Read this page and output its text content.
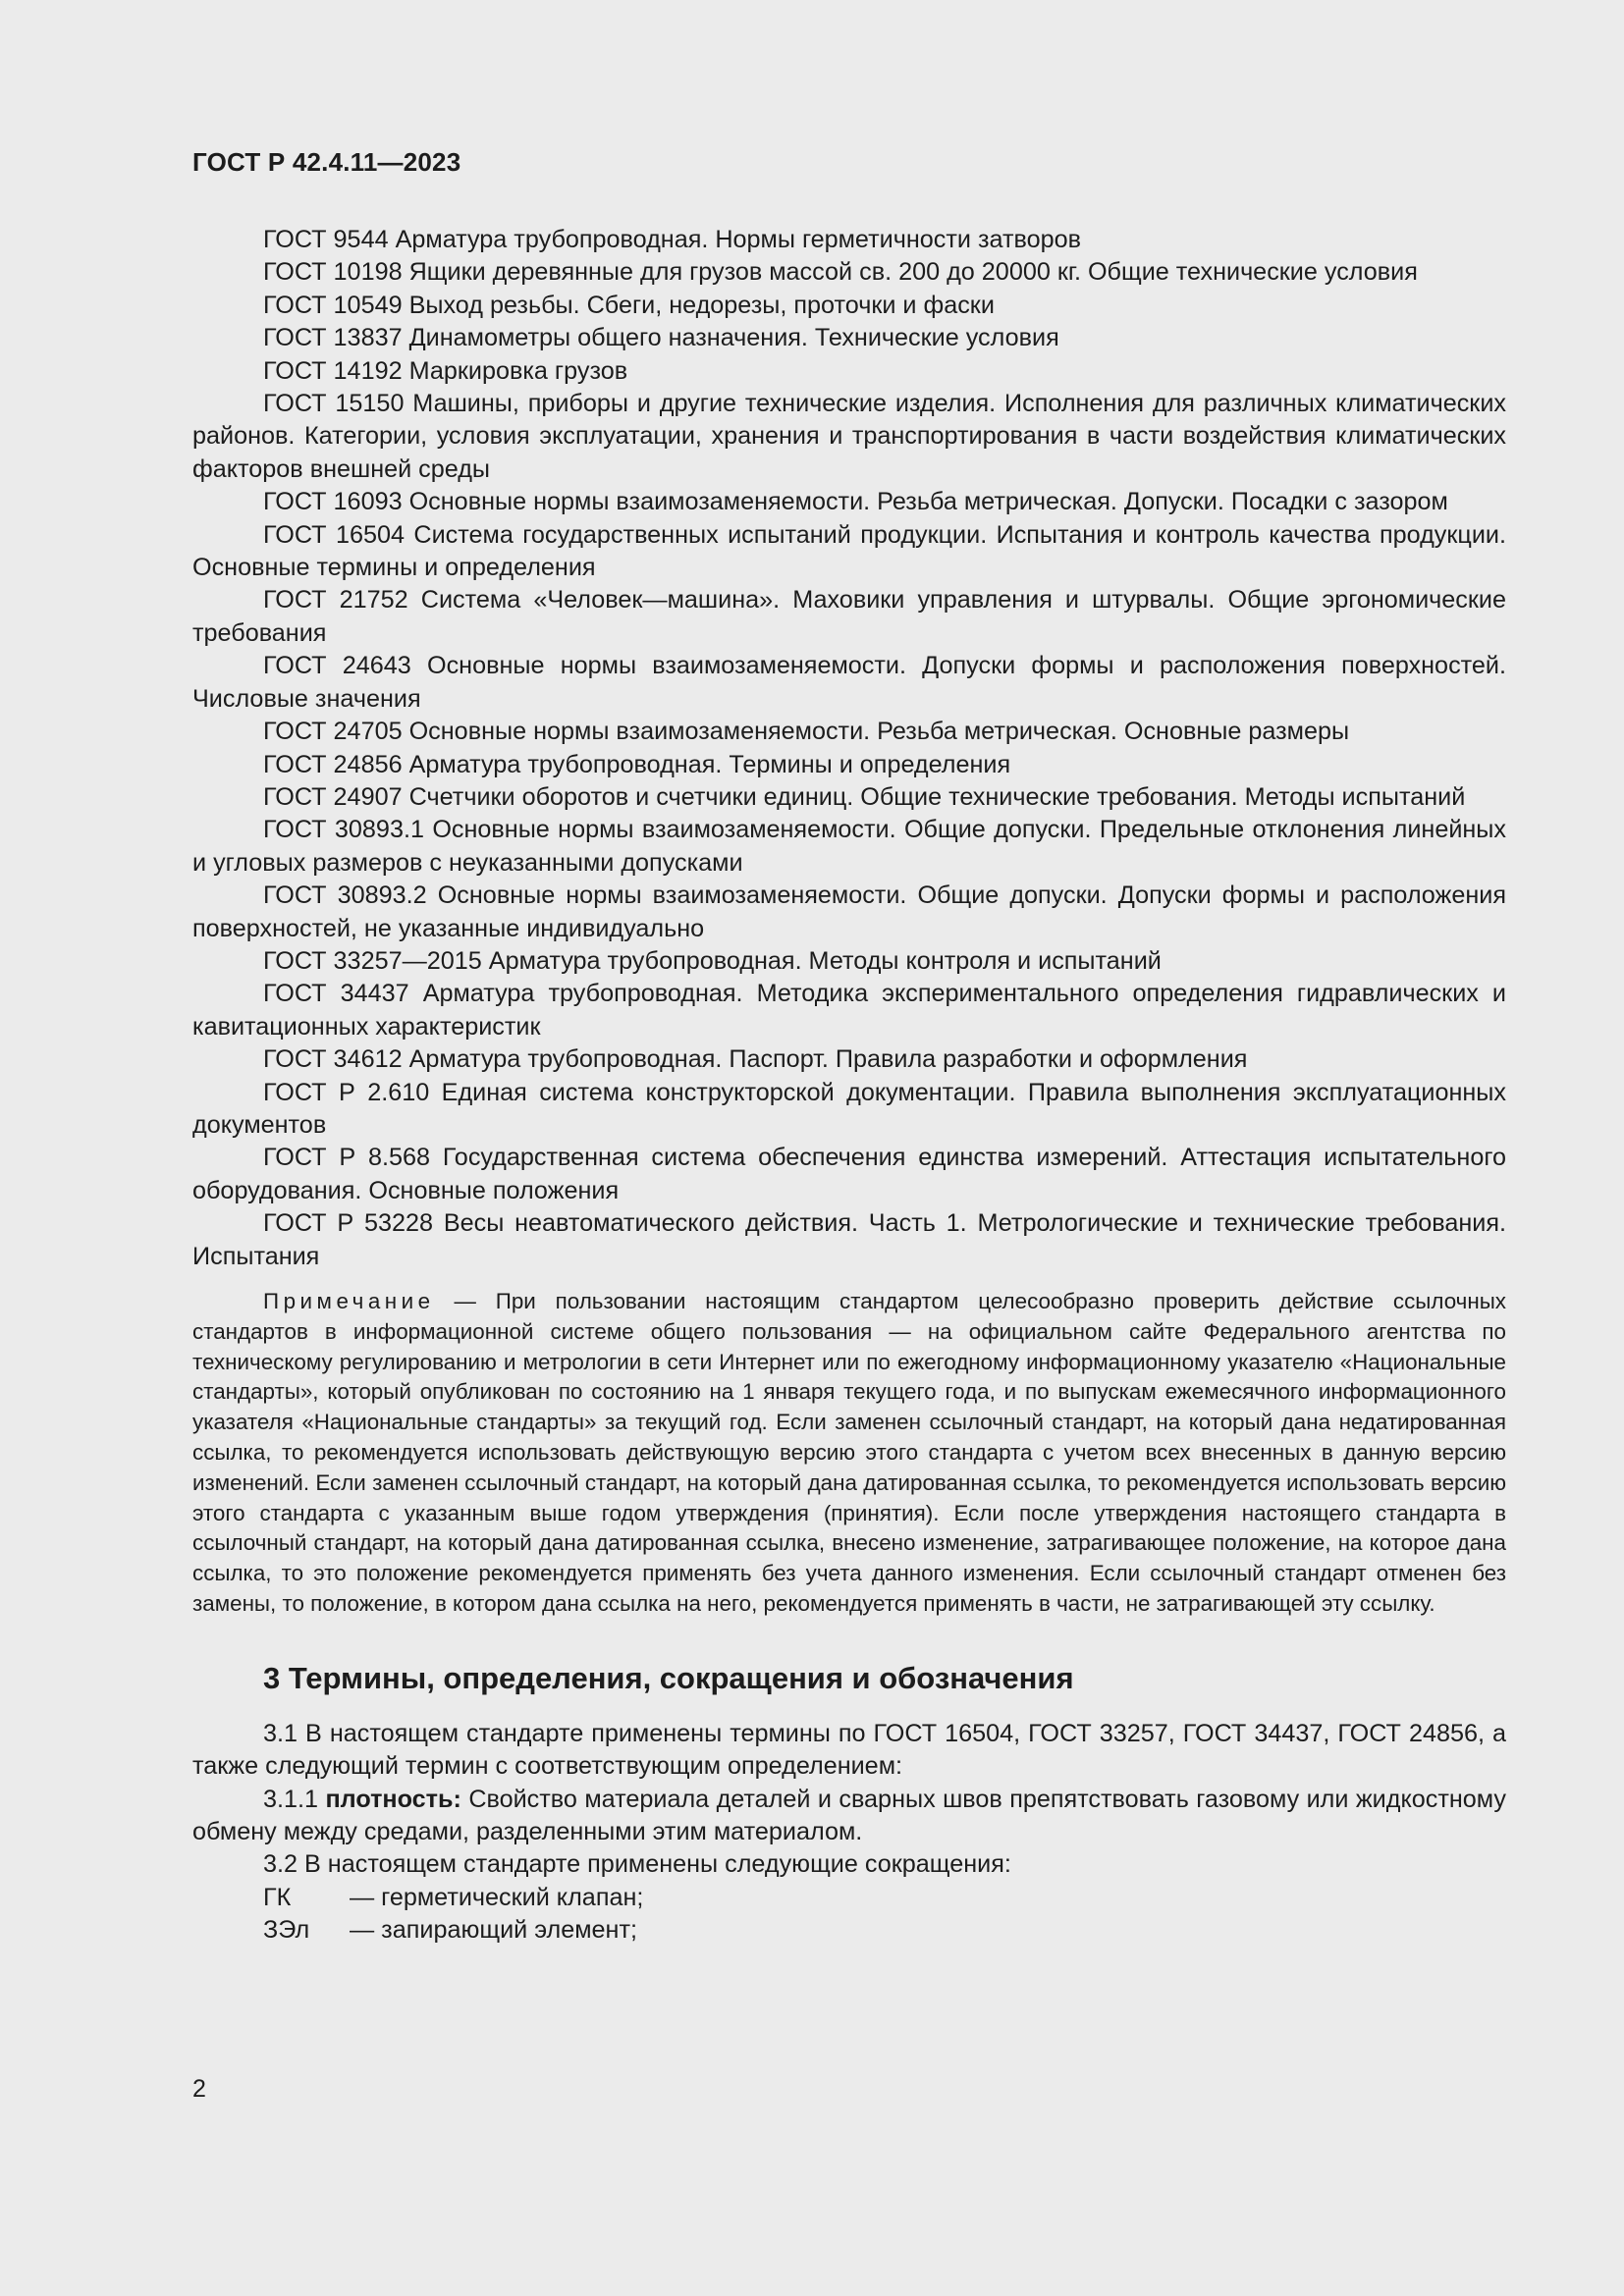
ГОСТ Р 42.4.11—2023

ГОСТ 9544 Арматура трубопроводная. Нормы герметичности затворов

ГОСТ 10198 Ящики деревянные для грузов массой св. 200 до 20000 кг. Общие технические условия

ГОСТ 10549 Выход резьбы. Сбеги, недорезы, проточки и фаски

ГОСТ 13837 Динамометры общего назначения. Технические условия

ГОСТ 14192 Маркировка грузов

ГОСТ 15150 Машины, приборы и другие технические изделия. Исполнения для различных климатических районов. Категории, условия эксплуатации, хранения и транспортирования в части воздействия климатических факторов внешней среды

ГОСТ 16093 Основные нормы взаимозаменяемости. Резьба метрическая. Допуски. Посадки с зазором

ГОСТ 16504 Система государственных испытаний продукции. Испытания и контроль качества продукции. Основные термины и определения

ГОСТ 21752 Система «Человек—машина». Маховики управления и штурвалы. Общие эргономические требования

ГОСТ 24643 Основные нормы взаимозаменяемости. Допуски формы и расположения поверхностей. Числовые значения

ГОСТ 24705 Основные нормы взаимозаменяемости. Резьба метрическая. Основные размеры

ГОСТ 24856 Арматура трубопроводная. Термины и определения

ГОСТ 24907 Счетчики оборотов и счетчики единиц. Общие технические требования. Методы испытаний

ГОСТ 30893.1 Основные нормы взаимозаменяемости. Общие допуски. Предельные отклонения линейных и угловых размеров с неуказанными допусками

ГОСТ 30893.2 Основные нормы взаимозаменяемости. Общие допуски. Допуски формы и расположения поверхностей, не указанные индивидуально

ГОСТ 33257—2015 Арматура трубопроводная. Методы контроля и испытаний

ГОСТ 34437 Арматура трубопроводная. Методика экспериментального определения гидравлических и кавитационных характеристик

ГОСТ 34612 Арматура трубопроводная. Паспорт. Правила разработки и оформления

ГОСТ Р 2.610 Единая система конструкторской документации. Правила выполнения эксплуатационных документов

ГОСТ Р 8.568 Государственная система обеспечения единства измерений. Аттестация испытательного оборудования. Основные положения

ГОСТ Р 53228 Весы неавтоматического действия. Часть 1. Метрологические и технические требования. Испытания

Примечание — При пользовании настоящим стандартом целесообразно проверить действие ссылочных стандартов в информационной системе общего пользования — на официальном сайте Федерального агентства по техническому регулированию и метрологии в сети Интернет или по ежегодному информационному указателю «Национальные стандарты», который опубликован по состоянию на 1 января текущего года, и по выпускам ежемесячного информационного указателя «Национальные стандарты» за текущий год. Если заменен ссылочный стандарт, на который дана недатированная ссылка, то рекомендуется использовать действующую версию этого стандарта с учетом всех внесенных в данную версию изменений. Если заменен ссылочный стандарт, на который дана датированная ссылка, то рекомендуется использовать версию этого стандарта с указанным выше годом утверждения (принятия). Если после утверждения настоящего стандарта в ссылочный стандарт, на который дана датированная ссылка, внесено изменение, затрагивающее положение, на которое дана ссылка, то это положение рекомендуется применять без учета данного изменения. Если ссылочный стандарт отменен без замены, то положение, в котором дана ссылка на него, рекомендуется применять в части, не затрагивающей эту ссылку.

3 Термины, определения, сокращения и обозначения

3.1 В настоящем стандарте применены термины по ГОСТ 16504, ГОСТ 33257, ГОСТ 34437, ГОСТ 24856, а также следующий термин с соответствующим определением:

3.1.1 плотность: Свойство материала деталей и сварных швов препятствовать газовому или жидкостному обмену между средами, разделенными этим материалом.

3.2 В настоящем стандарте применены следующие сокращения:

ГК	— герметический клапан;
ЗЭл	— запирающий элемент;
2
